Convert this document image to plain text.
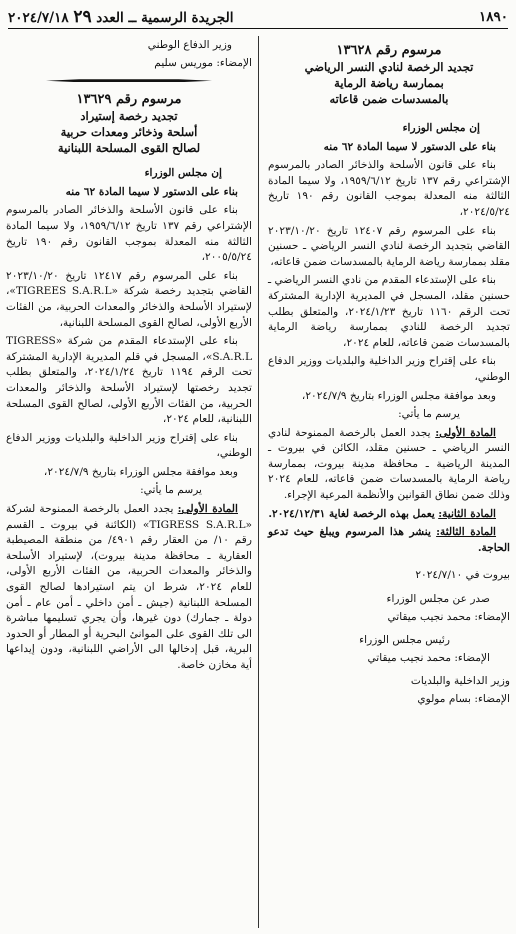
١٨٩٠
الجريدة الرسمية ــ العدد ٢٩ ٢٠٢٤/٧/١٨

مرسوم رقم ١٣٦٢٨

تجديد الرخصة لنادي النسر الرياضي

بممارسة رياضة الرماية

بالمسدسات ضمن قاعاته

إن مجلس الوزراء

بناء على الدستور لا سيما المادة ٦٢ منه

بناء على قانون الأسلحة والذخائر الصادر بالمرسوم الإشتراعي رقم ١٣٧ تاريخ ١٩٥٩/٦/١٢، ولا سيما المادة الثالثة منه المعدلة بموجب القانون رقم ١٩٠ تاريخ ٢٠٢٤/٥/٢٤،

بناء على المرسوم رقم ١٢٤٠٧ تاريخ ٢٠٢٣/١٠/٢٠ القاضي بتجديد الرخصة لنادي النسر الرياضي ـ حسنين مقلد بممارسة رياضة الرماية بالمسدسات ضمن قاعاته،

بناء على الإستدعاء المقدم من نادي النسر الرياضي ـ حسنين مقلد، المسجل في المديرية الإدارية المشتركة تحت الرقم ١١٦٠ تاريخ ٢٠٢٤/١/٢٣، والمتعلق بطلب تجديد الرخصة للنادي بممارسة رياضة الرماية بالمسدسات ضمن قاعاته، للعام ٢٠٢٤،

بناء على إقتراح وزير الداخلية والبلديات ووزير الدفاع الوطني،

وبعد موافقة مجلس الوزراء بتاريخ ٢٠٢٤/٧/٩،

يرسم ما يأتي:

المادة الأولى: يجدد العمل بالرخصة الممنوحة لنادي النسر الرياضي ـ حسنين مقلد، الكائن في بيروت ـ المدينة الرياضية ـ محافظة مدينة بيروت، بممارسة رياضة الرماية بالمسدسات ضمن قاعاته، للعام ٢٠٢٤ وذلك ضمن نطاق القوانين والأنظمة المرعية الإجراء.

المادة الثانية: يعمل بهذه الرخصة لغاية ٢٠٢٤/١٢/٣١.

المادة الثالثة: ينشر هذا المرسوم ويبلغ حيث تدعو الحاجة.

بيروت في ٢٠٢٤/٧/١٠

صدر عن مجلس الوزراء

الإمضاء: محمد نجيب ميقاتي

رئيس مجلس الوزراء

الإمضاء: محمد نجيب ميقاتي

وزير الداخلية والبلديات

الإمضاء: بسام مولوي

وزير الدفاع الوطني

الإمضاء: موريس سليم

مرسوم رقم ١٣٦٢٩

تجديد رخصة إستيراد

أسلحة وذخائر ومعدات حربية

لصالح القوى المسلحة اللبنانية

إن مجلس الوزراء

بناء على الدستور لا سيما المادة ٦٢ منه

بناء على قانون الأسلحة والذخائر الصادر بالمرسوم الإشتراعي رقم ١٣٧ تاريخ ١٩٥٩/٦/١٢، ولا سيما المادة الثالثة منه المعدلة بموجب القانون رقم ١٩٠ تاريخ ٢٠٠٥/٥/٢٤،

بناء على المرسوم رقم ١٢٤١٧ تاريخ ٢٠٢٣/١٠/٢٠ القاضي بتجديد رخصة شركة «TIGREES S.A.R.L»، لإستيراد الأسلحة والذخائر والمعدات الحربية، من الفئات الأربع الأولى، لصالح القوى المسلحة اللبنانية،

بناء على الإستدعاء المقدم من شركة «TIGRESS S.A.R.L»، المسجل في قلم المديرية الإدارية المشتركة تحت الرقم ١١٩٤ تاريخ ٢٠٢٤/١/٢٤، والمتعلق بطلب تجديد رخصتها لإستيراد الأسلحة والذخائر والمعدات الحربية، من الفئات الأربع الأولى، لصالح القوى المسلحة اللبنانية، للعام ٢٠٢٤،

بناء على إقتراح وزير الداخلية والبلديات ووزير الدفاع الوطني،

وبعد موافقة مجلس الوزراء بتاريخ ٢٠٢٤/٧/٩،

يرسم ما يأتي:

المادة الأولى: يجدد العمل بالرخصة الممنوحة لشركة «TIGRESS S.A.R.L» (الكائنة في بيروت ـ القسم رقم ١٠/ من العقار رقم ٤٩٠١/ من منطقة المصيطبة العقارية ـ محافظة مدينة بيروت)، لإستيراد الأسلحة والذخائر والمعدات الحربية، من الفئات الأربع الأولى، للعام ٢٠٢٤، شرط ان يتم استيرادها لصالح القوى المسلحة اللبنانية (جيش ـ أمن داخلي ـ أمن عام ـ أمن دولة ـ جمارك) دون غيرها، وأن يجري تسليمها مباشرة الى تلك القوى على الموانئ البحرية أو المطار أو الحدود البرية، قبل إدخالها الى الأراضي اللبنانية، ودون إيداعها أية مخازن خاصة.
